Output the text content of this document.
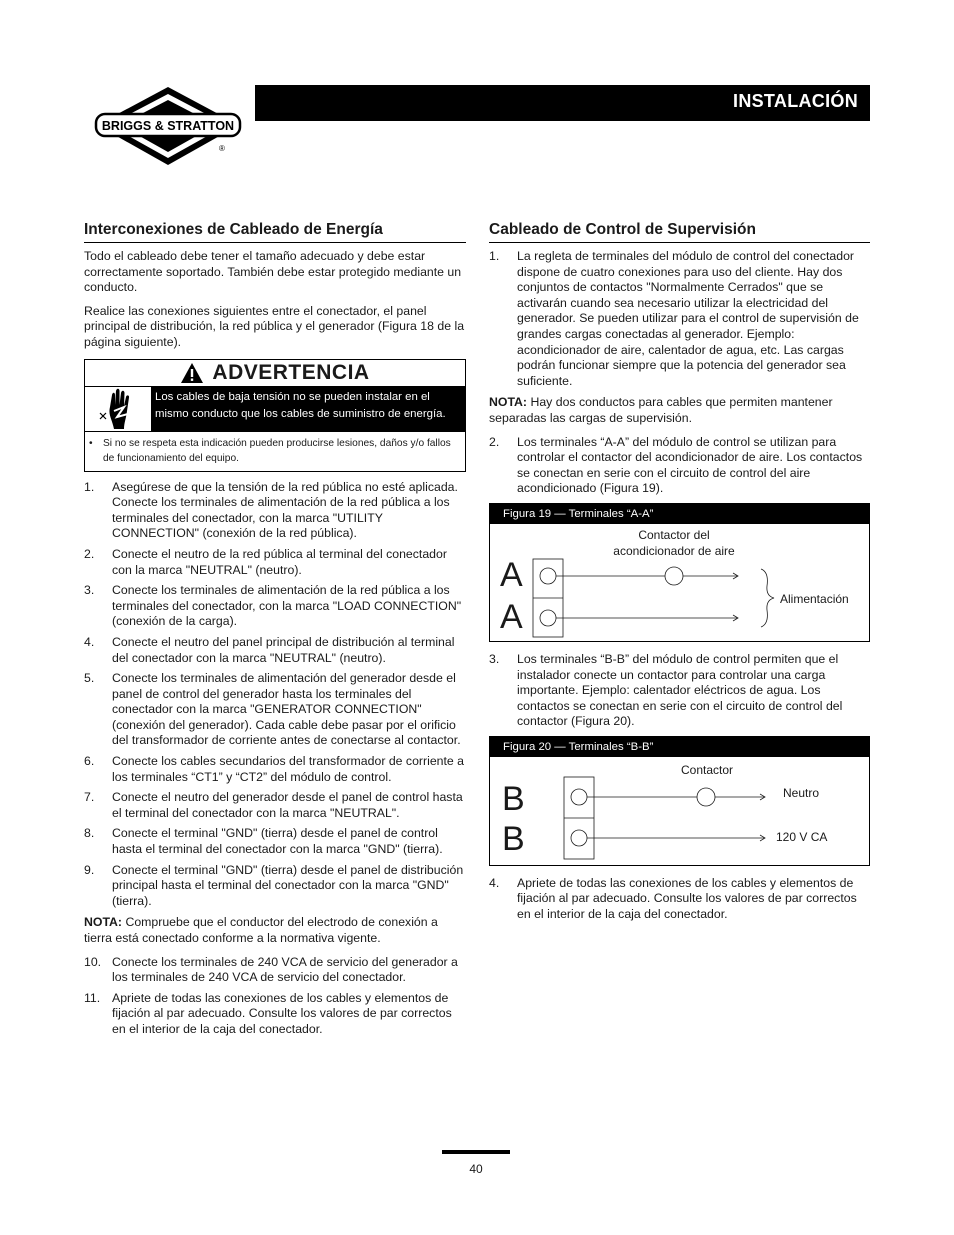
BRIGGS & STRATTON
®
INSTALACIÓN
Interconexiones de Cableado de Energía

Todo el cableado debe tener el tamaño adecuado y debe estar correctamente soportado. También debe estar protegido mediante un conducto.

Realice las conexiones siguientes entre el conectador, el panel principal de distribución, la red pública y el generador (Figura 18 de la página siguiente).

ADVERTENCIA
Los cables de baja tensión no se pueden instalar en el mismo conducto que los cables de suministro de energía.
•	Si no se respeta esta indicación pueden producirse lesiones, daños y/o fallos de funcionamiento del equipo.
1.	Asegúrese de que la tensión de la red pública no esté aplicada. Conecte los terminales de alimentación de la red pública a los terminales del conectador, con la marca "UTILITY CONNECTION" (conexión de la red pública).
2.	Conecte el neutro de la red pública al terminal del conectador con la marca "NEUTRAL" (neutro).
3.	Conecte los terminales de alimentación de la red pública a los terminales del conectador, con la marca "LOAD CONNECTION" (conexión de la carga).
4.	Conecte el neutro del panel principal de distribución al terminal del conectador con la marca "NEUTRAL" (neutro).
5.	Conecte los terminales de alimentación del generador desde el panel de control del generador hasta los terminales del conectador con la marca "GENERATOR CONNECTION" (conexión del generador). Cada cable debe pasar por el orificio del transformador de corriente antes de conectarse al contactor.
6.	Conecte los cables secundarios del transformador de corriente a los terminales “CT1” y “CT2” del módulo de control.
7.	Conecte el neutro del generador desde el panel de control hasta el terminal del conectador con la marca "NEUTRAL".
8.	Conecte el terminal "GND" (tierra) desde el panel de control hasta el terminal del conectador con la marca "GND" (tierra).
9.	Conecte el terminal "GND" (tierra) desde el panel de distribución principal hasta el terminal del conectador con la marca "GND" (tierra).

NOTA: Compruebe que el conductor del electrodo de conexión a tierra está conectado conforme a la normativa vigente.

10. Conecte los terminales de 240 VCA de servicio del generador a los terminales de 240 VCA de servicio del conectador.
11. Apriete de todas las conexiones de los cables y elementos de fijación al par adecuado. Consulte los valores de par correctos en el interior de la caja del conectador.
Cableado de Control de Supervisión
1.	La regleta de terminales del módulo de control del conectador dispone de cuatro conexiones para uso del cliente. Hay dos conjuntos de contactos "Normalmente Cerrados" que se activarán cuando sea necesario utilizar la electricidad del generador. Se pueden utilizar para el control de supervisión de grandes cargas conectadas al generador. Ejemplo: acondicionador de aire, calentador de agua, etc. Las cargas podrán funcionar siempre que la potencia del generador sea suficiente.

NOTA: Hay dos conductos para cables que permiten mantener separadas las cargas de supervisión.

2.	Los terminales “A-A” del módulo de control se utilizan para controlar el contactor del acondicionador de aire. Los contactos se conectan en serie con el circuito de control del aire acondicionado (Figura 19).
Figura 19 — Terminales “A-A”
Contactor del
acondicionador de aire
A
A	Alimentación
3.	Los terminales “B-B” del módulo de control permiten que el instalador conecte un contactor para controlar una carga importante. Ejemplo: calentador eléctricos de agua. Los contactos se conectan en serie con el circuito de control del contactor (Figura 20).
Figura 20 — Terminales “B-B”
Contactor
B
B
Neutro
120 V CA
4.	Apriete de todas las conexiones de los cables y elementos de fijación al par adecuado. Consulte los valores de par correctos en el interior de la caja del conectador.
40
